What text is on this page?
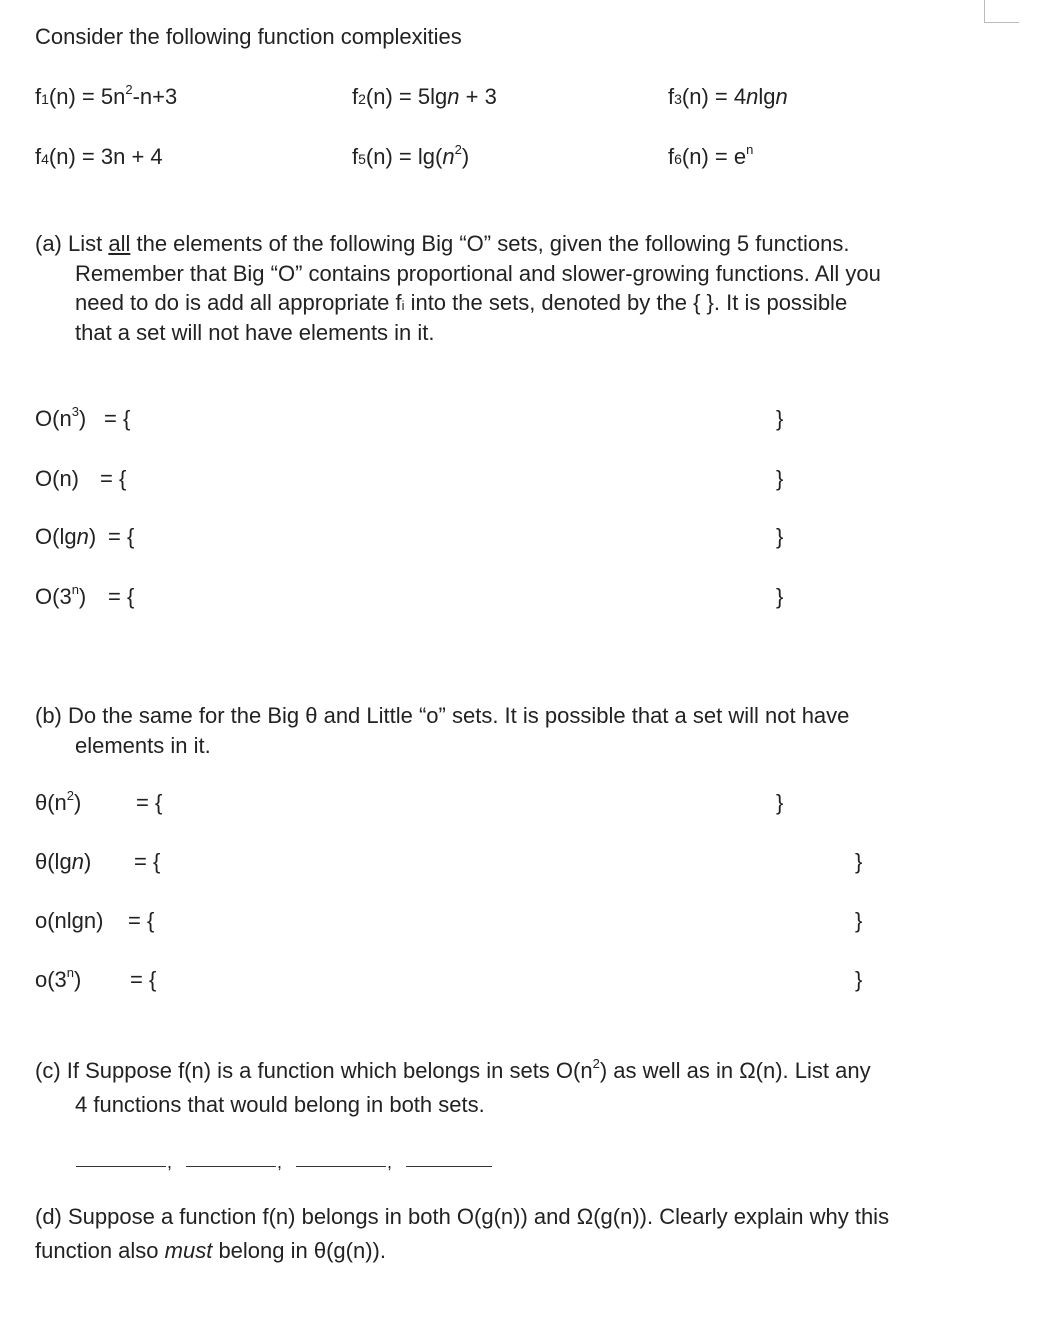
Consider the following function complexities
$f1(n) = 5n^2-n+3$	f2(n) = 5lgn + 3	f3(n) = 4nlgn
f4(n) = 3n + 4	$f5(n) = \lg(n^2)$	$f6(n) = e^n$
(a) List all the elements of the following Big “O” sets, given the following 5 functions.
Remember that Big “O” contains proportional and slower-growing functions. All you
need to do is add all appropriate fi into the sets, denoted by the { }. It is possible
that a set will not have elements in it.
$O(n^3)$ = {	}
O(n) = {	}
O(lgn) = {	}
$O(3^n)$ = {	}
(b) Do the same for the Big θ and Little “o” sets. It is possible that a set will not have
elements in it.
$\theta(n^2)$ = {	}
θ(lgn) = {	}
o(nlgn) = {	}
$o(3^n)$ = {	}
(c) If Suppose f(n) is a function which belongs in sets $O(n^2)$ as well as in Ω(n). List any
4 functions that would belong in both sets.
,
,
,
(d) Suppose a function f(n) belongs in both O(g(n)) and Ω(g(n)). Clearly explain why this
function also must belong in θ(g(n)).
